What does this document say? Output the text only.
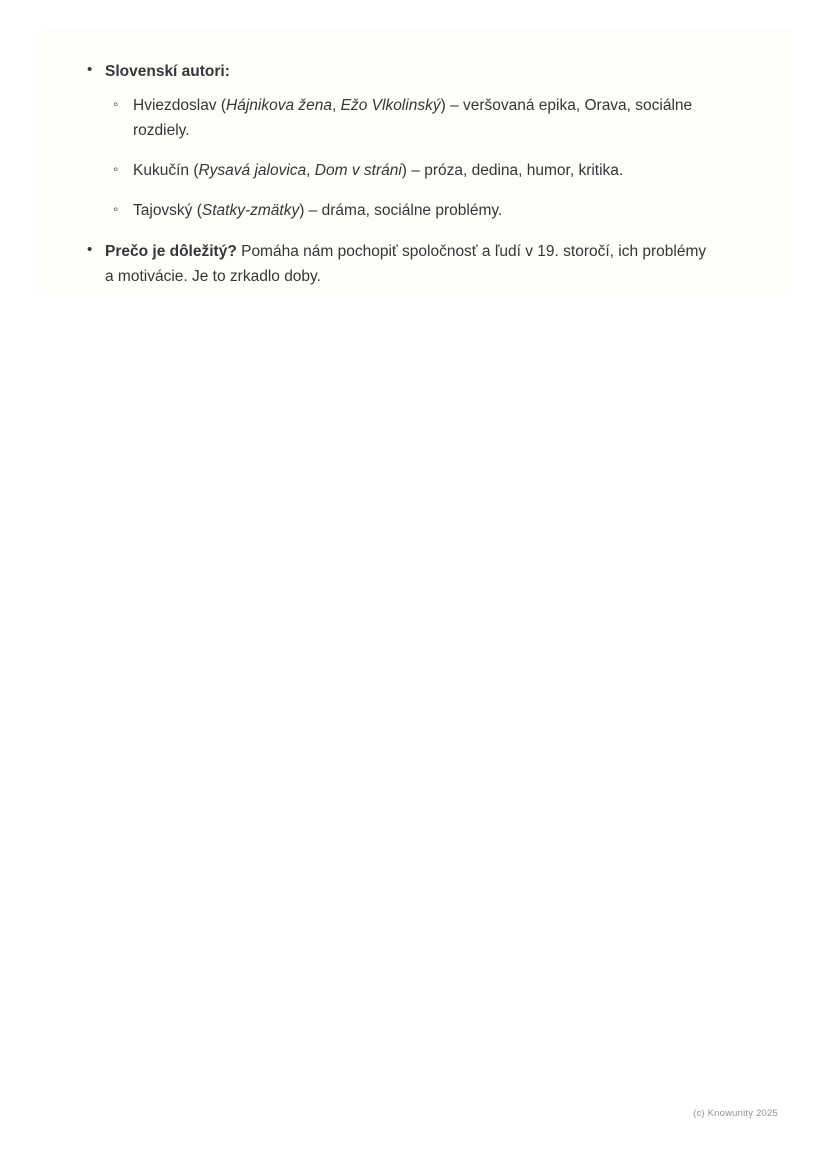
• Slovenskí autori:
◦ Hviezdoslav (Hájnikova žena, Ežo Vlkolinský) – veršovaná epika, Orava, sociálne rozdiely.
◦ Kukučín (Rysavá jalovica, Dom v stráni) – próza, dedina, humor, kritika.
◦ Tajovský (Statky-zmätky) – dráma, sociálne problémy.
• Prečo je dôležitý? Pomáha nám pochopiť spoločnosť a ľudí v 19. storočí, ich problémy a motivácie. Je to zrkadlo doby.
(c) Knowunity 2025
